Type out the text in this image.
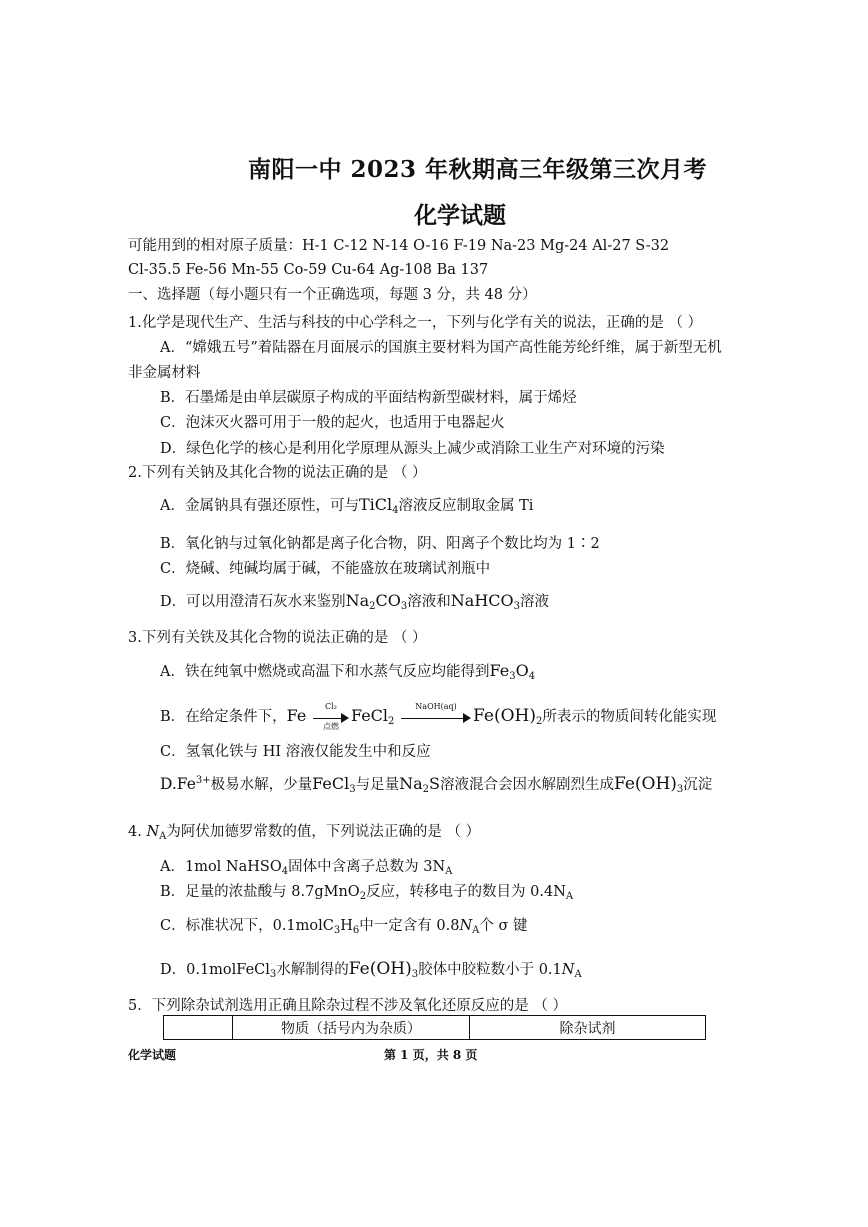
南阳一中 2023 年秋期高三年级第三次月考
化学试题
可能用到的相对原子质量：H-1 C-12 N-14 O-16 F-19 Na-23 Mg-24 Al-27 S-32
Cl-35.5 Fe-56 Mn-55 Co-59 Cu-64 Ag-108 Ba 137
一、选择题（每小题只有一个正确选项，每题 3 分，共 48 分）
1.化学是现代生产、生活与科技的中心学科之一，下列与化学有关的说法，正确的是 （ ）
A．“嫦娥五号”着陆器在月面展示的国旗主要材料为国产高性能芳纶纤维，属于新型无机
非金属材料
B．石墨烯是由单层碳原子构成的平面结构新型碳材料，属于烯烃
C．泡沫灭火器可用于一般的起火，也适用于电器起火
D．绿色化学的核心是利用化学原理从源头上减少或消除工业生产对环境的污染
2.下列有关钠及其化合物的说法正确的是 （ ）
A．金属钠具有强还原性，可与TiCl$_4$溶液反应制取金属 Ti
B．氧化钠与过氧化钠都是离子化合物，阴、阳离子个数比均为 1∶2
C．烧碱、纯碱均属于碱，不能盛放在玻璃试剂瓶中
D．可以用澄清石灰水来鉴别$Na_2CO_3$溶液和NaHCO$_3$溶液
3.下列有关铁及其化合物的说法正确的是 （ ）
A．铁在纯氧中燃烧或高温下和水蒸气反应均能得到$Fe_3O_4$
B．在给定条件下，Fe	Cl₂
点燃
FeCl$_2$
NaOH(aq) $Fe(OH)_2$所表示的物质间转化能实现
C．氢氧化铁与 HI 溶液仅能发生中和反应
$D.Fe^{3+}$极易水解，少量FeCl$_3$与足量$Na_2S$溶液混合会因水解剧烈生成$Fe(OH)_3$沉淀
4. $N_A$为阿伏加德罗常数的值，下列说法正确的是 （ ）
A．1mol NaHSO$_4$固体中含离子总数为 $3N_A$
B．足量的浓盐酸与 8.7gMnO$_2$反应，转移电子的数目为 $0.4N_A$
C．标准状况下，$0.1molC_3H_6$中一定含有 $0.8N_A$个 σ 键
D．0.1molFeCl$_3$水解制得的$Fe(OH)_3$胶体中胶粒数小于 $0.1N_A$
5．下列除杂试剂选用正确且除杂过程不涉及氧化还原反应的是 （ ）
	物质（括号内为杂质）	除杂试剂
化学试题	第 1 页，共 8 页
